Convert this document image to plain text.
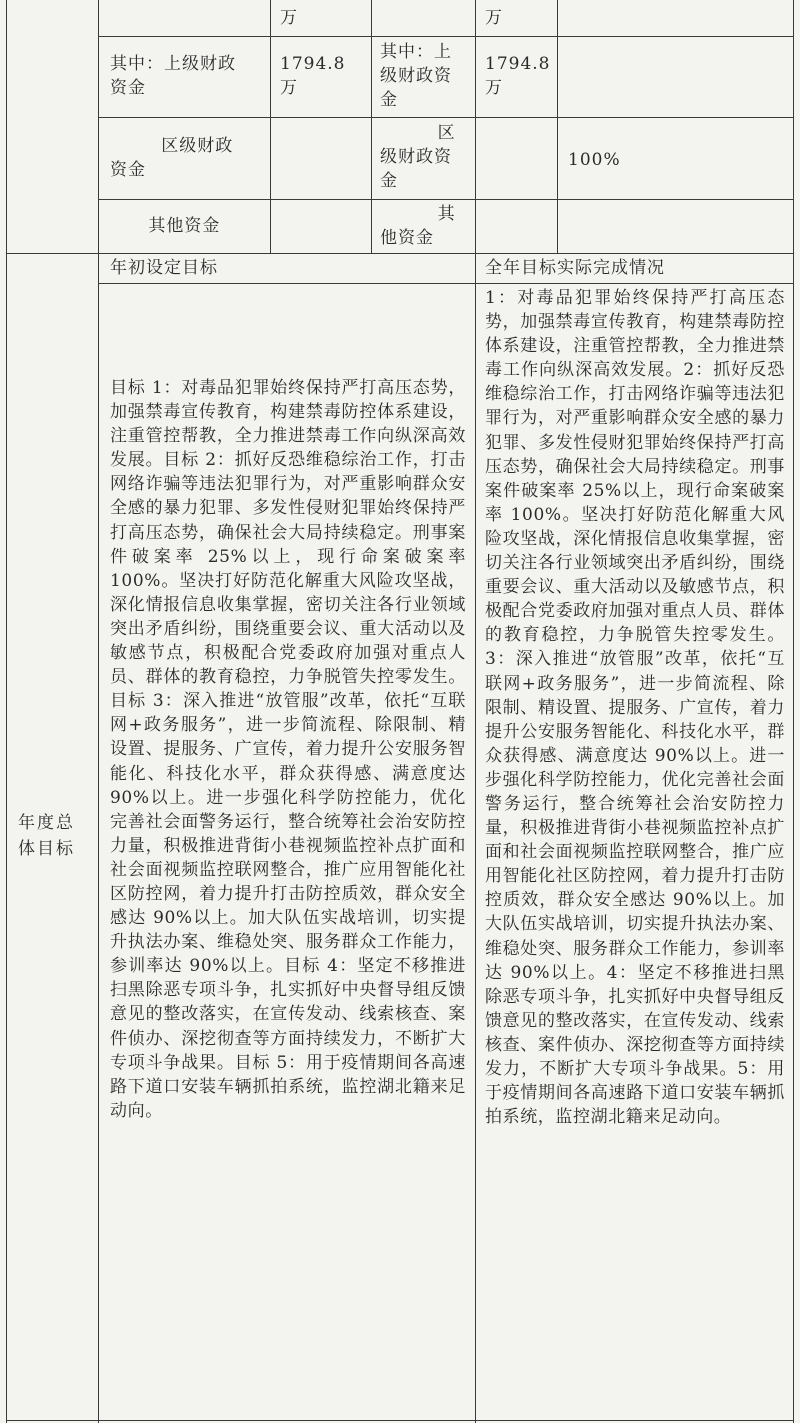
万	万
其中：上级财政
资金
1794.8
万
其中：上
级财政资
金
1794.8
万
区级财政
资金
区
级财政资
金
100%
其他资金
其
他资金
年度总
体目标
年初设定目标	全年目标实际完成情况
目标 1：对毒品犯罪始终保持严打高压态势，加强禁毒宣传教育，构建禁毒防控体系建设，注重管控帮教，全力推进禁毒工作向纵深高效发展。目标 2：抓好反恐维稳综治工作，打击网络诈骗等违法犯罪行为，对严重影响群众安全感的暴力犯罪、多发性侵财犯罪始终保持严打高压态势，确保社会大局持续稳定。刑事案件破案率 25%以上，现行命案破案率 100%。坚决打好防范化解重大风险攻坚战，深化情报信息收集掌握，密切关注各行业领域突出矛盾纠纷，围绕重要会议、重大活动以及敏感节点，积极配合党委政府加强对重点人员、群体的教育稳控，力争脱管失控零发生。目标 3：深入推进“放管服”改革，依托“互联网+政务服务”，进一步简流程、除限制、精设置、提服务、广宣传，着力提升公安服务智能化、科技化水平，群众获得感、满意度达 90%以上。进一步强化科学防控能力，优化完善社会面警务运行，整合统筹社会治安防控力量，积极推进背街小巷视频监控补点扩面和社会面视频监控联网整合，推广应用智能化社区防控网，着力提升打击防控质效，群众安全感达 90%以上。加大队伍实战培训，切实提升执法办案、维稳处突、服务群众工作能力，参训率达 90%以上。目标 4：坚定不移推进扫黑除恶专项斗争，扎实抓好中央督导组反馈意见的整改落实，在宣传发动、线索核查、案件侦办、深挖彻查等方面持续发力，不断扩大专项斗争战果。目标 5：用于疫情期间各高速路下道口安装车辆抓拍系统，监控湖北籍来足动向。
1：对毒品犯罪始终保持严打高压态势，加强禁毒宣传教育，构建禁毒防控体系建设，注重管控帮教，全力推进禁毒工作向纵深高效发展。2：抓好反恐维稳综治工作，打击网络诈骗等违法犯罪行为，对严重影响群众安全感的暴力犯罪、多发性侵财犯罪始终保持严打高压态势，确保社会大局持续稳定。刑事案件破案率 25%以上，现行命案破案率 100%。坚决打好防范化解重大风险攻坚战，深化情报信息收集掌握，密切关注各行业领域突出矛盾纠纷，围绕重要会议、重大活动以及敏感节点，积极配合党委政府加强对重点人员、群体的教育稳控，力争脱管失控零发生。3：深入推进“放管服”改革，依托“互联网+政务服务”，进一步简流程、除限制、精设置、提服务、广宣传，着力提升公安服务智能化、科技化水平，群众获得感、满意度达 90%以上。进一步强化科学防控能力，优化完善社会面警务运行，整合统筹社会治安防控力量，积极推进背街小巷视频监控补点扩面和社会面视频监控联网整合，推广应用智能化社区防控网，着力提升打击防控质效，群众安全感达 90%以上。加大队伍实战培训，切实提升执法办案、维稳处突、服务群众工作能力，参训率达 90%以上。4：坚定不移推进扫黑除恶专项斗争，扎实抓好中央督导组反馈意见的整改落实，在宣传发动、线索核查、案件侦办、深挖彻查等方面持续发力，不断扩大专项斗争战果。5：用于疫情期间各高速路下道口安装车辆抓拍系统，监控湖北籍来足动向。
